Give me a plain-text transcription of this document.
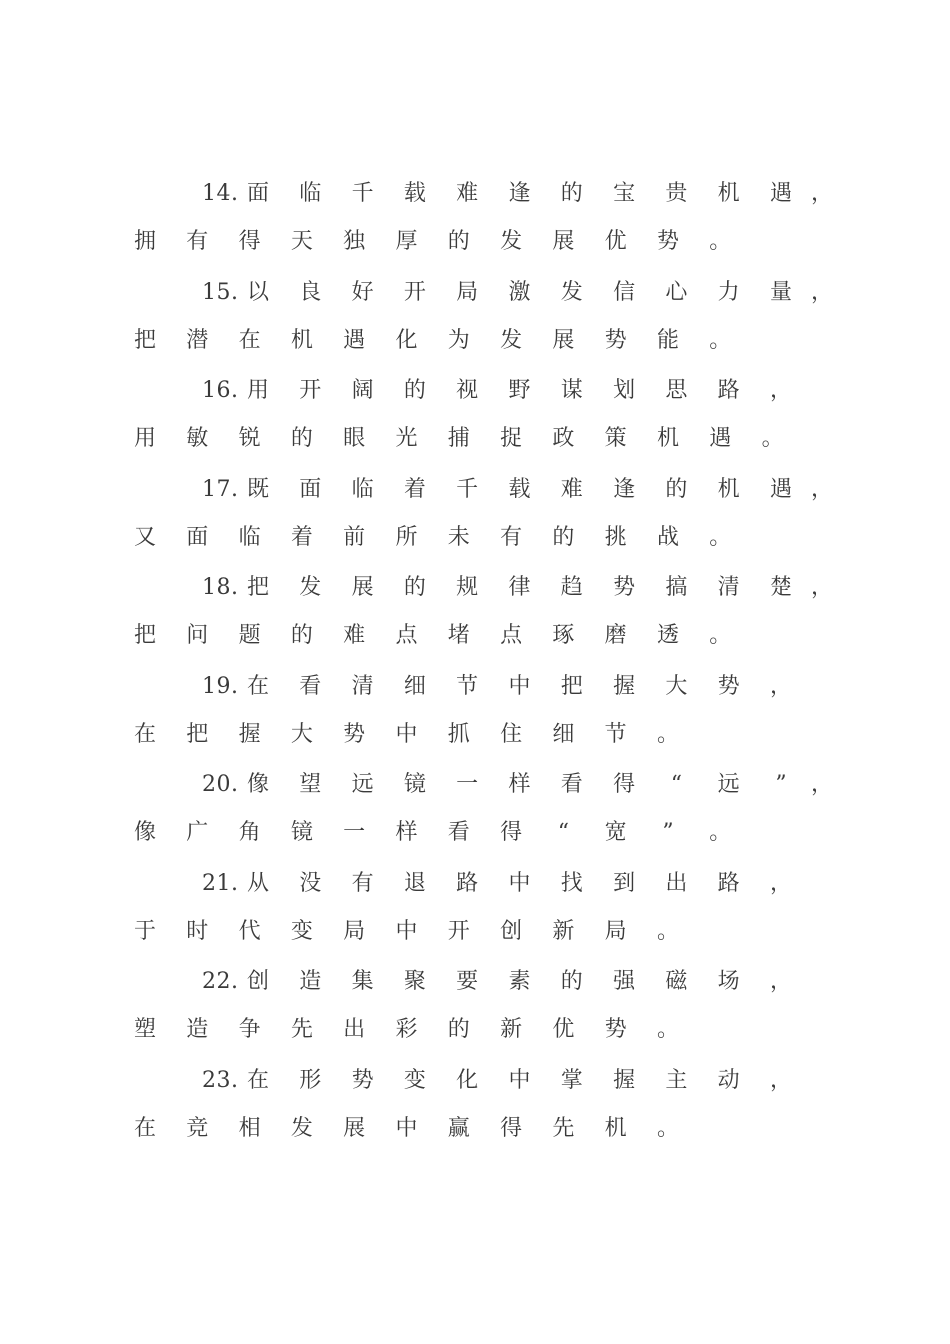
14. 面 临 千 载 难 逢 的 宝 贵 机 遇 ，
拥 有 得 天 独 厚 的 发 展 优 势 。
15. 以 良 好 开 局 激 发 信 心 力 量 ，
把 潜 在 机 遇 化 为 发 展 势 能 。
16. 用 开 阔 的 视 野 谋 划 思 路 ，
用 敏 锐 的 眼 光 捕 捉 政 策 机 遇 。
17. 既 面 临 着 千 载 难 逢 的 机 遇 ，
又 面 临 着 前 所 未 有 的 挑 战 。
18. 把 发 展 的 规 律 趋 势 搞 清 楚 ，
把 问 题 的 难 点 堵 点 琢 磨 透 。
19. 在 看 清 细 节 中 把 握 大 势 ，
在 把 握 大 势 中 抓 住 细 节 。
20. 像 望 远 镜 一 样 看 得	“	远	”	，
像 广 角 镜 一 样 看 得	“	宽	”	。
21. 从 没 有 退 路 中 找 到 出 路 ，
于 时 代 变 局 中 开 创 新 局 。
22. 创 造 集 聚 要 素 的 强 磁 场 ，
塑 造 争 先 出 彩 的 新 优 势 。
23. 在 形 势 变 化 中 掌 握 主 动 ，
在 竞 相 发 展 中 赢 得 先 机 。
